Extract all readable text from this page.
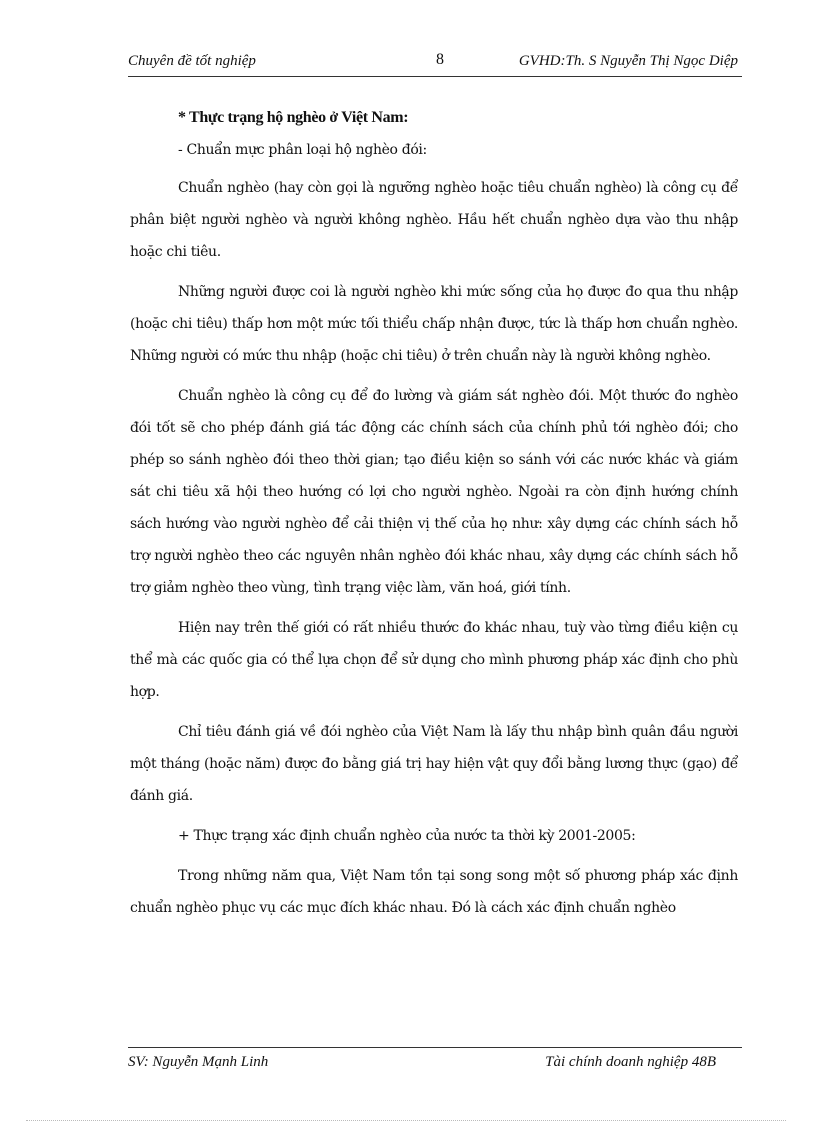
Chuyên đề tốt nghiệp	8	GVHD:Th. S Nguyễn Thị Ngọc Diệp

* Thực trạng hộ nghèo ở Việt Nam:

- Chuẩn mực phân loại hộ nghèo đói:

Chuẩn nghèo (hay còn gọi là ngưỡng nghèo hoặc tiêu chuẩn nghèo) là công cụ để phân biệt người nghèo và người không nghèo. Hầu hết chuẩn nghèo dựa vào thu nhập hoặc chi tiêu.

Những người được coi là người nghèo khi mức sống của họ được đo qua thu nhập (hoặc chi tiêu) thấp hơn một mức tối thiểu chấp nhận được, tức là thấp hơn chuẩn nghèo. Những người có mức thu nhập (hoặc chi tiêu) ở trên chuẩn này là người không nghèo.

Chuẩn nghèo là công cụ để đo lường và giám sát nghèo đói. Một thước đo nghèo đói tốt sẽ cho phép đánh giá tác động các chính sách của chính phủ tới nghèo đói; cho phép so sánh nghèo đói theo thời gian; tạo điều kiện so sánh với các nước khác và giám sát chi tiêu xã hội theo hướng có lợi cho người nghèo. Ngoài ra còn định hướng chính sách hướng vào người nghèo để cải thiện vị thế của họ như: xây dựng các chính sách hỗ trợ người nghèo theo các nguyên nhân nghèo đói khác nhau, xây dựng các chính sách hỗ trợ giảm nghèo theo vùng, tình trạng việc làm, văn hoá, giới tính.

Hiện nay trên thế giới có rất nhiều thước đo khác nhau, tuỳ vào từng điều kiện cụ thể mà các quốc gia có thể lựa chọn để sử dụng cho mình phương pháp xác định cho phù hợp.

Chỉ tiêu đánh giá về đói nghèo của Việt Nam là lấy thu nhập bình quân đầu người một tháng (hoặc năm) được đo bằng giá trị hay hiện vật quy đổi bằng lương thực (gạo) để đánh giá.

+ Thực trạng xác định chuẩn nghèo của nước ta thời kỳ 2001-2005:

Trong những năm qua, Việt Nam tồn tại song song một số phương pháp xác định chuẩn nghèo phục vụ các mục đích khác nhau. Đó là cách xác định chuẩn nghèo

SV: Nguyễn Mạnh Linh	Tài chính doanh nghiệp 48B
